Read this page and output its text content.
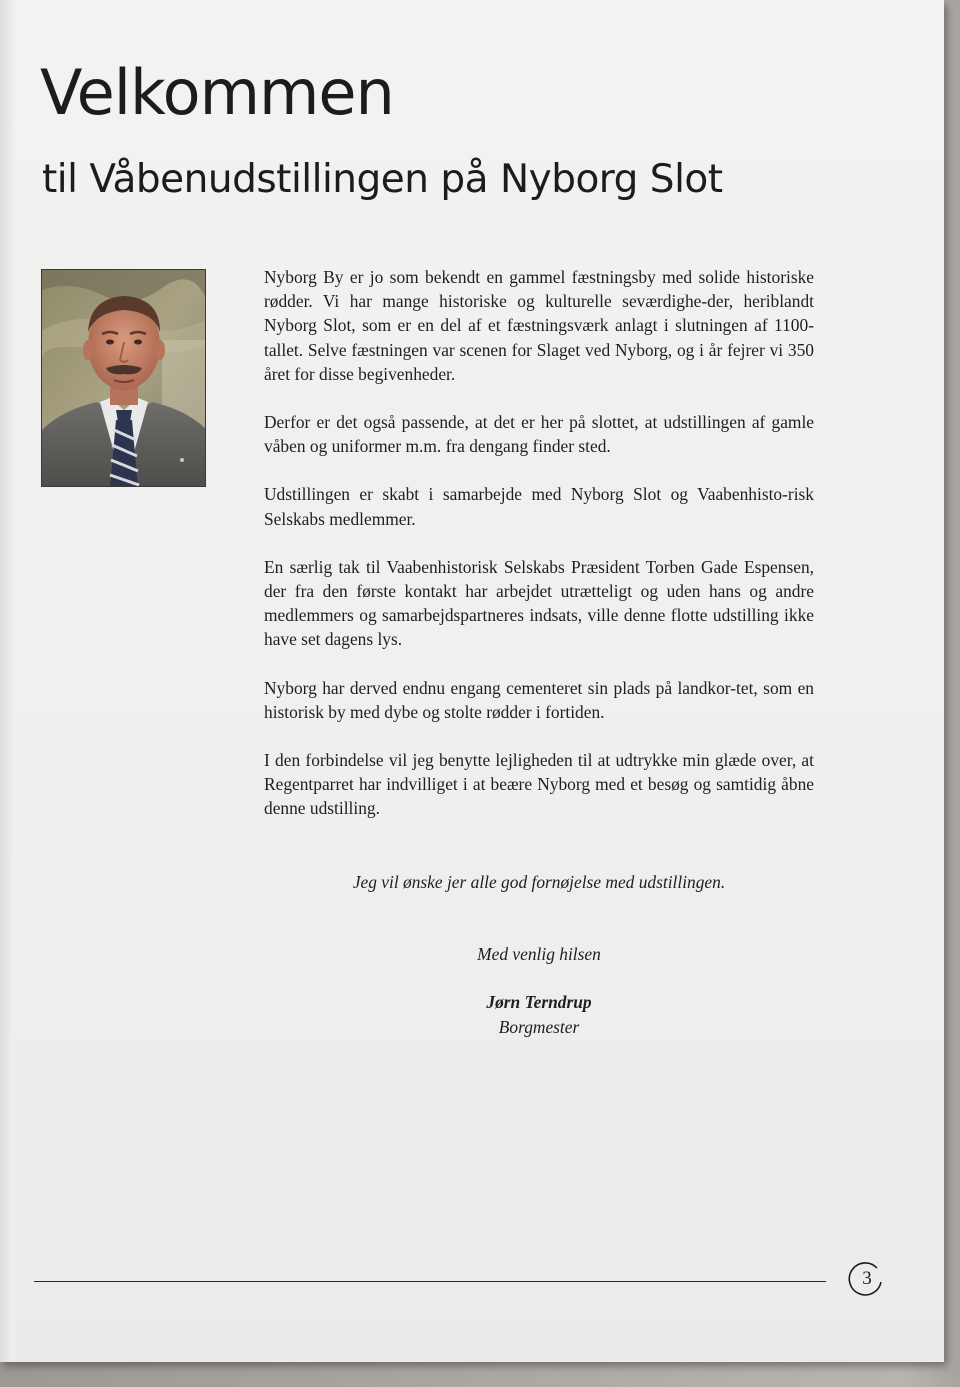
Velkommen
til Våbenudstillingen på Nyborg Slot

Nyborg By er jo som bekendt en gammel fæstningsby med solide historiske rødder. Vi har mange historiske og kulturelle seværdighe-der, heriblandt Nyborg Slot, som er en del af et fæstningsværk anlagt i slutningen af 1100-tallet. Selve fæstningen var scenen for Slaget ved Nyborg, og i år fejrer vi 350 året for disse begivenheder.

Derfor er det også passende, at det er her på slottet, at udstillingen af gamle våben og uniformer m.m. fra dengang finder sted.

Udstillingen er skabt i samarbejde med Nyborg Slot og Vaabenhisto-risk Selskabs medlemmer.

En særlig tak til Vaabenhistorisk Selskabs Præsident Torben Gade Espensen, der fra den første kontakt har arbejdet utrætteligt og uden hans og andre medlemmers og samarbejdspartneres indsats, ville denne flotte udstilling ikke have set dagens lys.

Nyborg har derved endnu engang cementeret sin plads på landkor-tet, som en historisk by med dybe og stolte rødder i fortiden.

I den forbindelse vil jeg benytte lejligheden til at udtrykke min glæde over, at Regentparret har indvilliget i at beære Nyborg med et besøg og samtidig åbne denne udstilling.

Jeg vil ønske jer alle god fornøjelse med udstillingen.

Med venlig hilsen

Jørn Terndrup

Borgmester

3
